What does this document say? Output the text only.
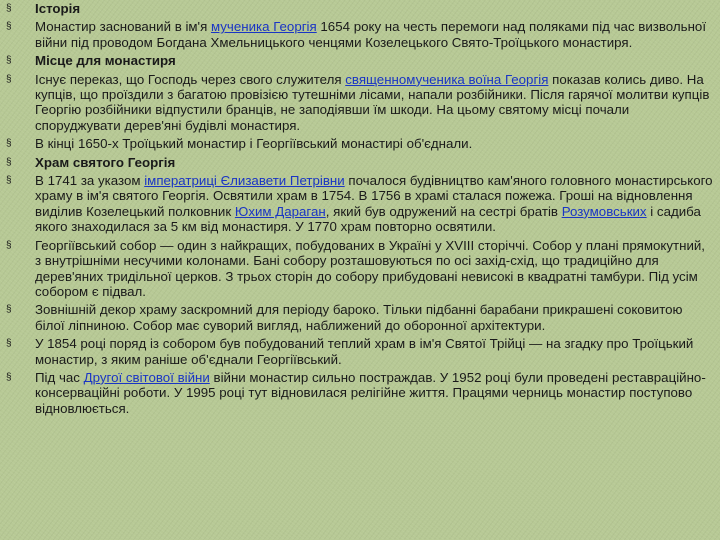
§	Історія
§	Монастир заснований в ім'я мученика Георгія 1654 року на честь перемоги над поляками під час визвольної війни під проводом Богдана Хмельницького ченцями Козелецького Свято-Троїцького монастиря.
§	Місце для монастиря
§	Існує переказ, що Господь через свого служителя священномученика воїна Георгія показав колись диво. На купців, що проїздили з багатою провізією тутешніми лісами, напали розбійники. Після гарячої молитви купців Георгію розбійники відпустили бранців, не заподіявши їм шкоди. На цьому святому місці почали споруджувати дерев'яні будівлі монастиря.
§	В кінці 1650-х Троїцький монастир і Георгіївський монастирі об'єднали.
§	Храм святого Георгія
§	В 1741 за указом імператриці Єлизавети Петрівни почалося будівництво кам'яного головного монастирського храму в ім'я святого Георгія. Освятили храм в 1754. В 1756 в храмі сталася пожежа. Гроші на відновлення виділив Козелецький полковник Юхим Дараган, який був одружений на сестрі братів Розумовських і садиба якого знаходилася за 5 км від монастиря. У 1770 храм повторно освятили.
§	Георгіївський собор — один з найкращих, побудованих в Україні у XVIII сторіччі. Собор у плані прямокутний, з внутрішніми несучими колонами. Бані собору розташовуються по осі захід-схід, що традиційно для дерев'яних тридільної церков. З трьох сторін до собору прибудовані невисокі в квадратні тамбури. Під усім собором є підвал.
§	Зовнішній декор храму заскромний для періоду бароко. Тільки підбанні барабани прикрашені соковитою білої ліпниною. Собор має суворий вигляд, наближений до оборонної архітектури.
§	У 1854 році поряд із собором був побудований теплий храм в ім'я Святої Трійці — на згадку про Троїцький монастир, з яким раніше об'єднали Георгіївський.
§	Під час Другої світової війни війни монастир сильно постраждав. У 1952 році були проведені реставраційно-консерваційні роботи. У 1995 році тут відновилася релігійне життя. Працями черниць монастир поступово відновлюється.
